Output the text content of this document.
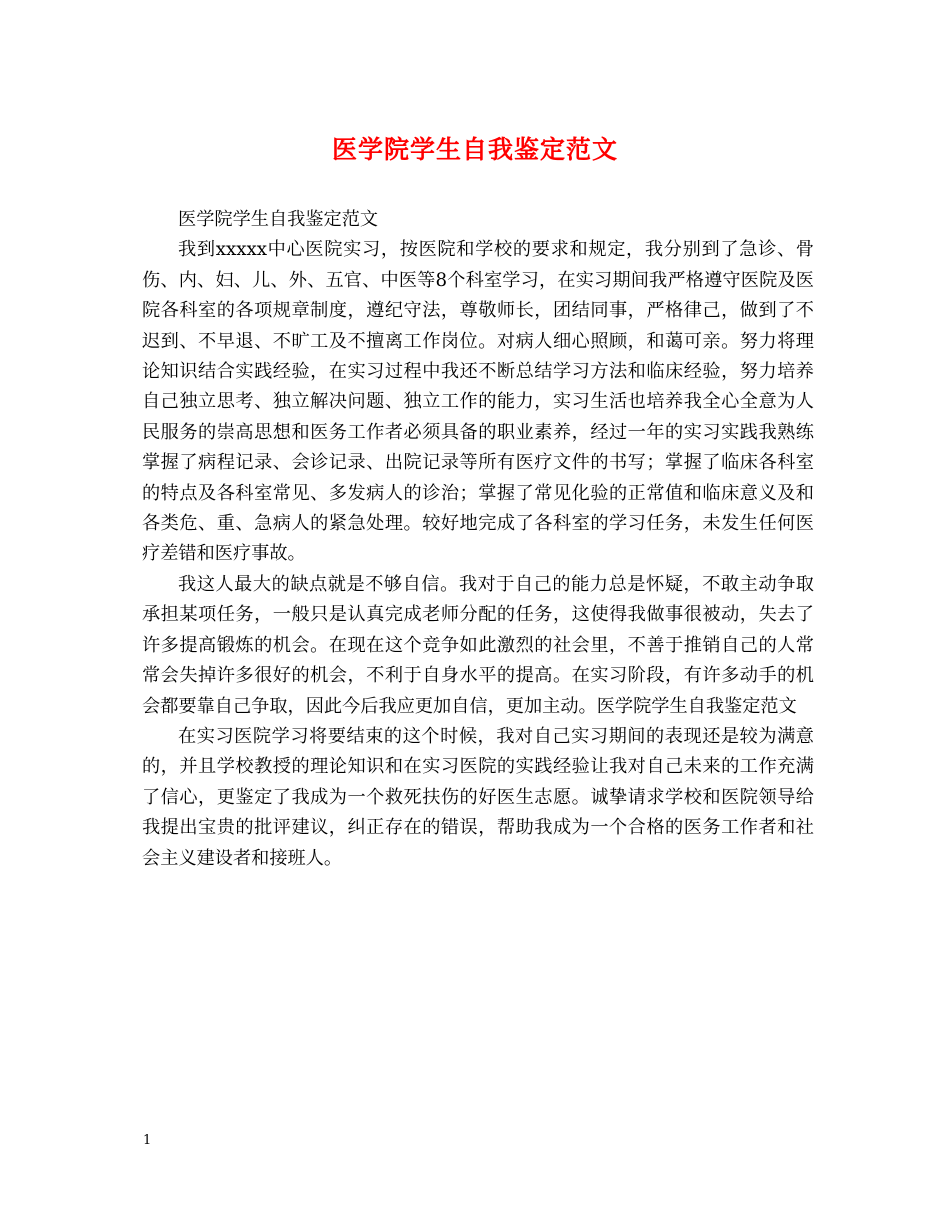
医学院学生自我鉴定范文

医学院学生自我鉴定范文

我到xxxxx中心医院实习，按医院和学校的要求和规定，我分别到了急诊、骨伤、内、妇、儿、外、五官、中医等8个科室学习，在实习期间我严格遵守医院及医院各科室的各项规章制度，遵纪守法，尊敬师长，团结同事，严格律己，做到了不迟到、不早退、不旷工及不擅离工作岗位。对病人细心照顾，和蔼可亲。努力将理论知识结合实践经验，在实习过程中我还不断总结学习方法和临床经验，努力培养自己独立思考、独立解决问题、独立工作的能力，实习生活也培养我全心全意为人民服务的崇高思想和医务工作者必须具备的职业素养，经过一年的实习实践我熟练掌握了病程记录、会诊记录、出院记录等所有医疗文件的书写；掌握了临床各科室的特点及各科室常见、多发病人的诊治；掌握了常见化验的正常值和临床意义及和各类危、重、急病人的紧急处理。较好地完成了各科室的学习任务，未发生任何医疗差错和医疗事故。

我这人最大的缺点就是不够自信。我对于自己的能力总是怀疑，不敢主动争取承担某项任务，一般只是认真完成老师分配的任务，这使得我做事很被动，失去了许多提高锻炼的机会。在现在这个竞争如此激烈的社会里，不善于推销自己的人常常会失掉许多很好的机会，不利于自身水平的提高。在实习阶段，有许多动手的机会都要靠自己争取，因此今后我应更加自信，更加主动。医学院学生自我鉴定范文

在实习医院学习将要结束的这个时候，我对自己实习期间的表现还是较为满意的，并且学校教授的理论知识和在实习医院的实践经验让我对自己未来的工作充满了信心，更鉴定了我成为一个救死扶伤的好医生志愿。诚挚请求学校和医院领导给我提出宝贵的批评建议，纠正存在的错误，帮助我成为一个合格的医务工作者和社会主义建设者和接班人。

1
